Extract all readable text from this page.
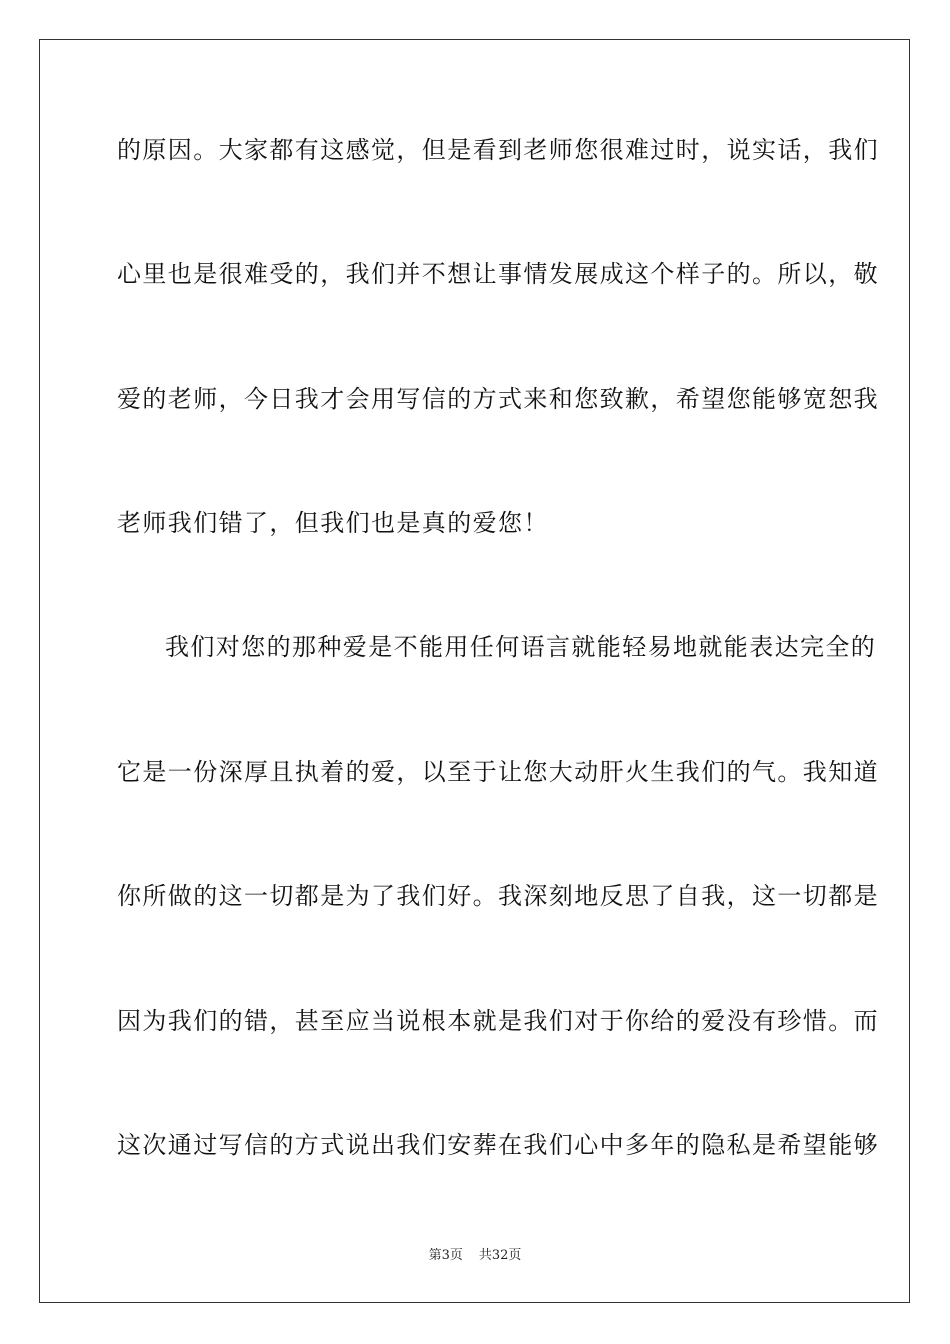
的原因。大家都有这感觉，但是看到老师您很难过时，说实话，我们
心里也是很难受的，我们并不想让事情发展成这个样子的。所以，敬
爱的老师，今日我才会用写信的方式来和您致歉，希望您能够宽恕我
老师我们错了，但我们也是真的爱您！
我们对您的那种爱是不能用任何语言就能轻易地就能表达完全的
它是一份深厚且执着的爱，以至于让您大动肝火生我们的气。我知道
你所做的这一切都是为了我们好。我深刻地反思了自我，这一切都是
因为我们的错，甚至应当说根本就是我们对于你给的爱没有珍惜。而
这次通过写信的方式说出我们安葬在我们心中多年的隐私是希望能够
第3页 共32页
